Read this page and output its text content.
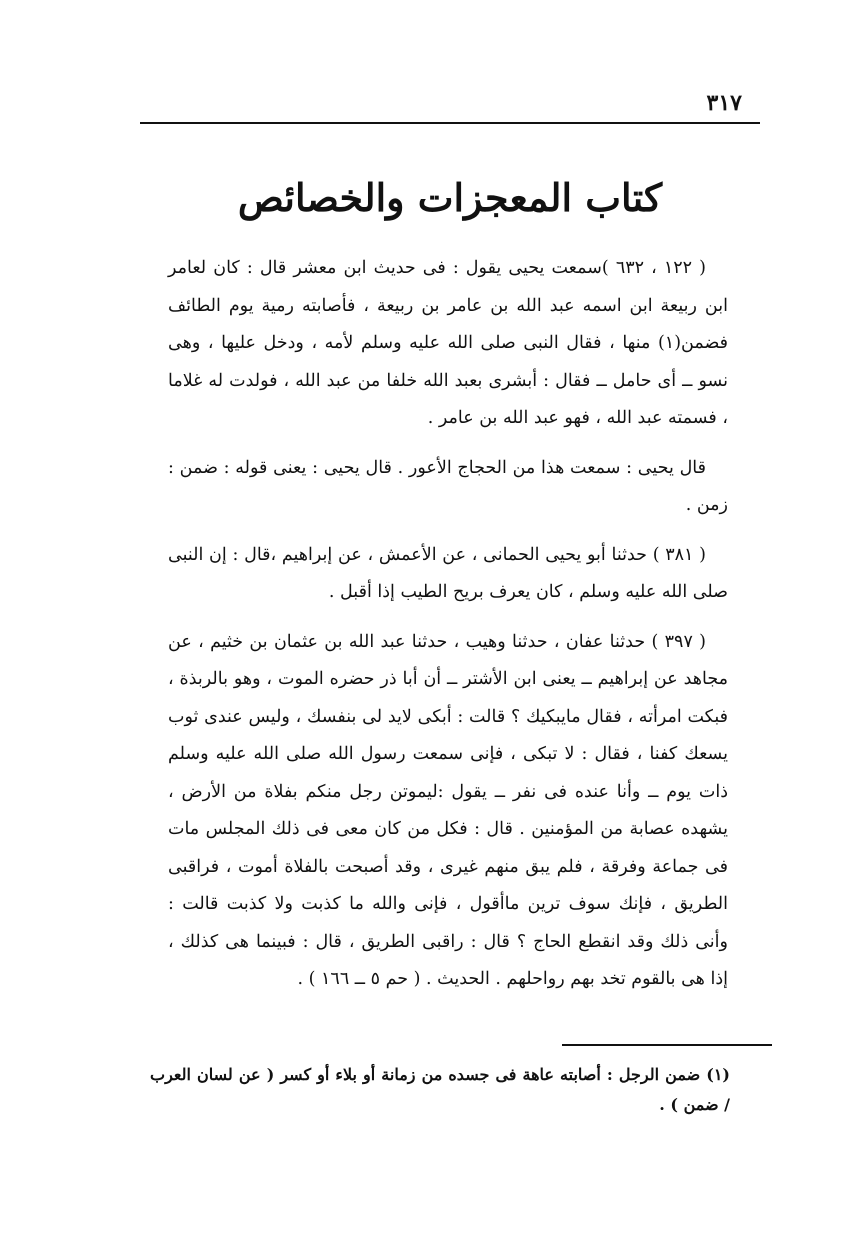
٣١٧
كتاب المعجزات والخصائص

( ١٢٢ ، ٦٣٢ )سمعت يحيى يقول : فى حديث ابن معشر قال : كان لعامر ابن ربيعة ابن اسمه عبد الله بن عامر بن ربيعة ، فأصابته رمية يوم الطائف فضمن(١) منها ، فقال النبى صلى الله عليه وسلم لأمه ، ودخل عليها ، وهى نسو ــ أى حامل ــ فقال : أبشرى بعبد الله خلفا من عبد الله ، فولدت له غلاما ، فسمته عبد الله ، فهو عبد الله بن عامر .

قال يحيى : سمعت هذا من الحجاج الأعور . قال يحيى : يعنى قوله : ضمن : زمن .

( ٣٨١ ) حدثنا أبو يحيى الحمانى ، عن الأعمش ، عن إبراهيم ،قال : إن النبى صلى الله عليه وسلم ، كان يعرف بريح الطيب إذا أقبل .

( ٣٩٧ ) حدثنا عفان ، حدثنا وهيب ، حدثنا عبد الله بن عثمان بن خثيم ، عن مجاهد عن إبراهيم ــ يعنى ابن الأشتر ــ أن أبا ذر حضره الموت ، وهو بالربذة ، فبكت امرأته ، فقال مايبكيك ؟ قالت : أبكى لايد لى بنفسك ، وليس عندى ثوب يسعك كفنا ، فقال : لا تبكى ، فإنى سمعت رسول الله صلى الله عليه وسلم ذات يوم ــ وأنا عنده فى نفر ــ يقول :ليموتن رجل منكم بفلاة من الأرض ، يشهده عصابة من المؤمنين . قال : فكل من كان معى فى ذلك المجلس مات فى جماعة وفرقة ، فلم يبق منهم غيرى ، وقد أصبحت بالفلاة أموت ، فراقبى الطريق ، فإنك سوف ترين ماأقول ، فإنى والله ما كذبت ولا كذبت قالت : وأنى ذلك وقد انقطع الحاج ؟ قال : راقبى الطريق ، قال : فبينما هى كذلك ، إذا هى بالقوم تخد بهم رواحلهم . الحديث . ( حم ٥ ــ ١٦٦ ) .

(١) ضمن الرجل : أصابته عاهة فى جسده من زمانة أو بلاء أو كسر ( عن لسان العرب / ضمن ) .
